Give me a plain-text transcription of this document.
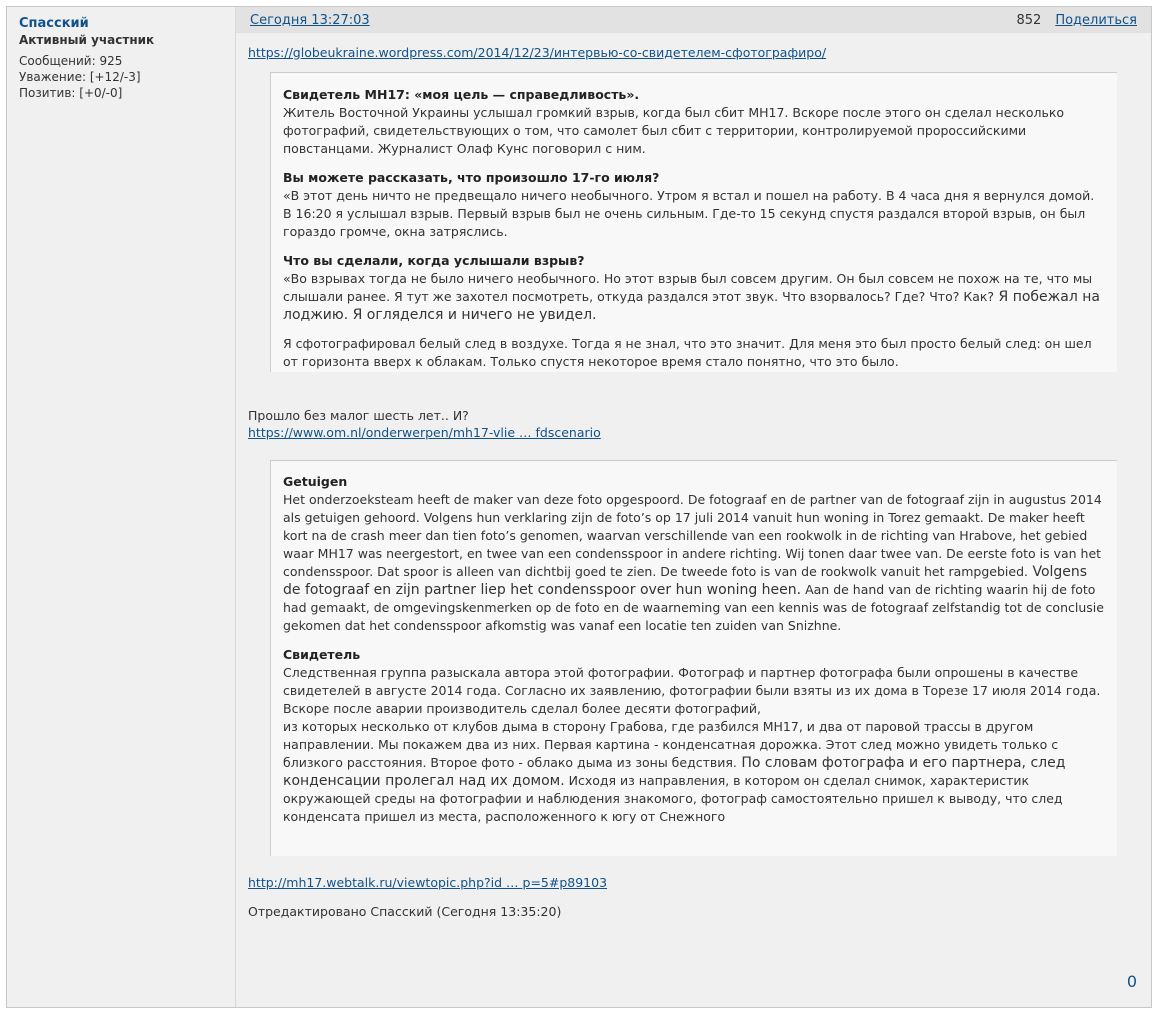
Спасский
Активный участник
Сообщений: 925
Уважение: [+12/-3]
Позитив: [+0/-0]
Сегодня 13:27:03	852 Поделиться
https://globeukraine.wordpress.com/2014/12/23/интервью-со-свидетелем-сфотографиро/

Свидетель MH17: «моя цель — справедливость».
Житель Восточной Украины услышал громкий взрыв, когда был сбит МН17. Вскоре после этого он сделал несколько фотографий, свидетельствующих о том, что самолет был сбит с территории, контролируемой пророссийскими повстанцами. Журналист Олаф Кунс поговорил с ним.

Вы можете рассказать, что произошло 17-го июля?
«В этот день ничто не предвещало ничего необычного. Утром я встал и пошел на работу. В 4 часа дня я вернулся домой. В 16:20 я услышал взрыв. Первый взрыв был не очень сильным. Где-то 15 секунд спустя раздался второй взрыв, он был гораздо громче, окна затряслись.

Что вы сделали, когда услышали взрыв?
«Во взрывах тогда не было ничего необычного. Но этот взрыв был совсем другим. Он был совсем не похож на те, что мы слышали ранее. Я тут же захотел посмотреть, откуда раздался этот звук. Что взорвалось? Где? Что? Как? Я побежал на лоджию. Я огляделся и ничего не увидел.

Я сфотографировал белый след в воздухе. Тогда я не знал, что это значит. Для меня это был просто белый след: он шел от горизонта вверх к облакам. Только спустя некоторое время стало понятно, что это было.

Прошло без малог шесть лет.. И?
https://www.om.nl/onderwerpen/mh17-vlie … fdscenario

Getuigen
Het onderzoeksteam heeft de maker van deze foto opgespoord. De fotograaf en de partner van de fotograaf zijn in augustus 2014 als getuigen gehoord. Volgens hun verklaring zijn de foto’s op 17 juli 2014 vanuit hun woning in Torez gemaakt. De maker heeft kort na de crash meer dan tien foto’s genomen, waarvan verschillende van een rookwolk in de richting van Hrabove, het gebied waar MH17 was neergestort, en twee van een condensspoor in andere richting. Wij tonen daar twee van. De eerste foto is van het condensspoor. Dat spoor is alleen van dichtbij goed te zien. De tweede foto is van de rookwolk vanuit het rampgebied. Volgens de fotograaf en zijn partner liep het condensspoor over hun woning heen. Aan de hand van de richting waarin hij de foto had gemaakt, de omgevingskenmerken op de foto en de waarneming van een kennis was de fotograaf zelfstandig tot de conclusie gekomen dat het condensspoor afkomstig was vanaf een locatie ten zuiden van Snizhne.

Свидетель
Следственная группа разыскала автора этой фотографии. Фотограф и партнер фотографа были опрошены в качестве свидетелей в августе 2014 года. Согласно их заявлению, фотографии были взяты из их дома в Торезе 17 июля 2014 года. Вскоре после аварии производитель сделал более десяти фотографий,
из которых несколько от клубов дыма в сторону Грабова, где разбился MH17, и два от паровой трассы в другом направлении. Мы покажем два из них. Первая картина - конденсатная дорожка. Этот след можно увидеть только с близкого расстояния. Второе фото - облако дыма из зоны бедствия. По словам фотографа и его партнера, след конденсации пролегал над их домом. Исходя из направления, в котором он сделал снимок, характеристик окружающей среды на фотографии и наблюдения знакомого, фотограф самостоятельно пришел к выводу, что след конденсата пришел из места, расположенного к югу от Снежного

http://mh17.webtalk.ru/viewtopic.php?id … p=5#p89103
Отредактировано Спасский (Сегодня 13:35:20)
0
